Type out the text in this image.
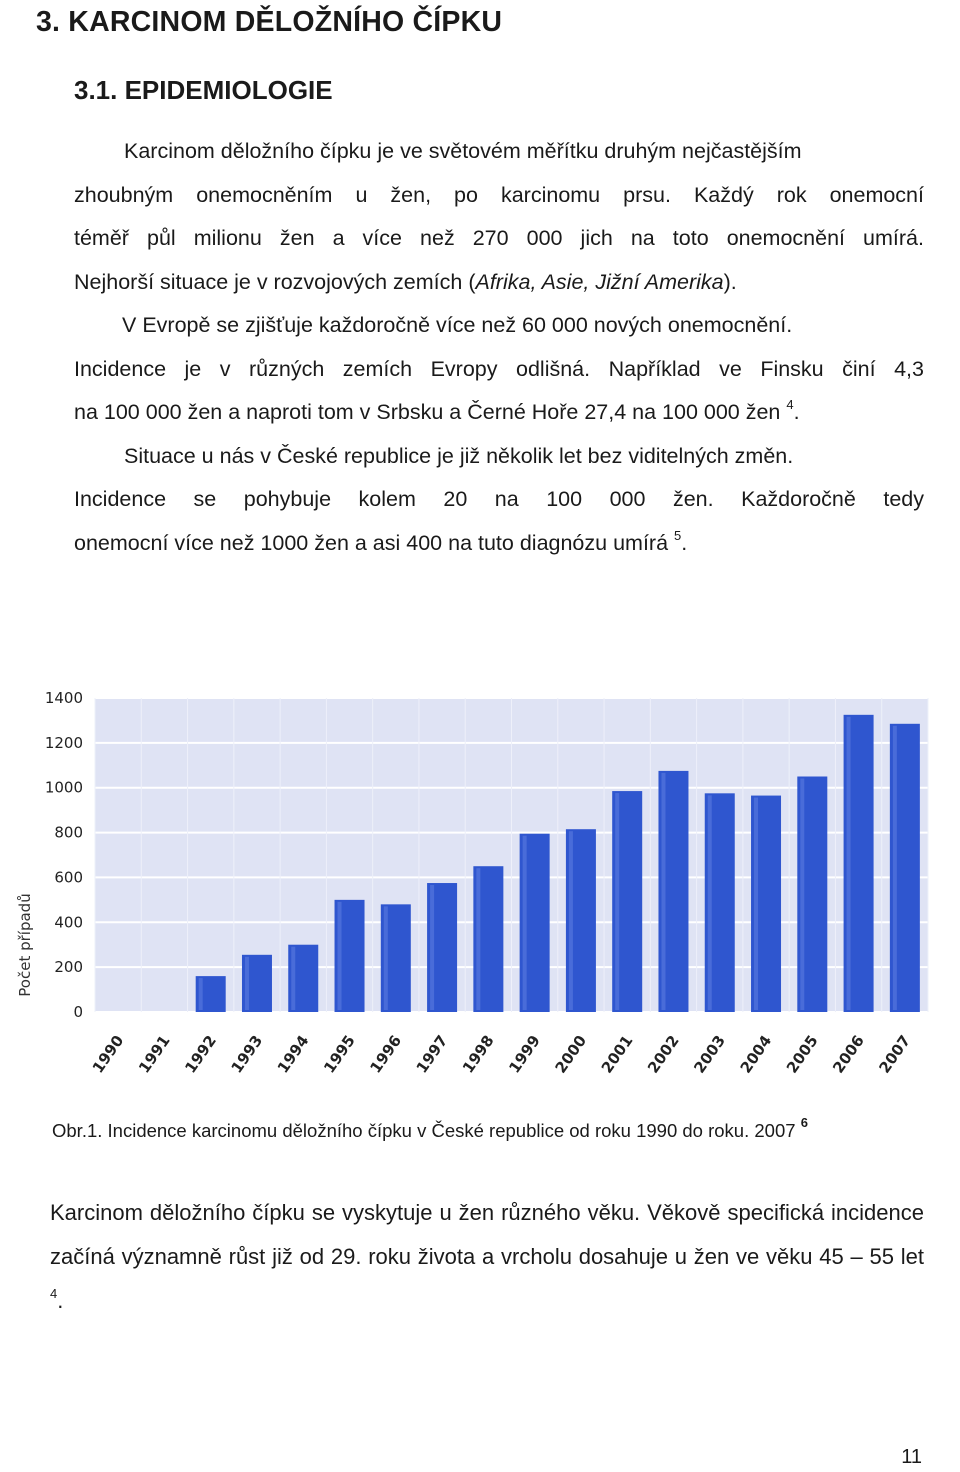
3. KARCINOM DĚLOŽNÍHO ČÍPKU
3.1. EPIDEMIOLOGIE
Karcinom děložního čípku je ve světovém měřítku druhým nejčastějším
zhoubným onemocněním u žen, po karcinomu prsu. Každý rok onemocní
téměř půl milionu žen a více než 270 000 jich na toto onemocnění umírá.
Nejhorší situace je v rozvojových zemích (Afrika, Asie, Jižní Amerika).
V Evropě se zjišťuje každoročně více než 60 000 nových onemocnění.
Incidence je v různých zemích Evropy odlišná. Například ve Finsku činí 4,3
na 100 000 žen a naproti tom v Srbsku a Černé Hoře 27,4 na 100 000 žen $^4$.
Situace u nás v České republice je již několik let bez viditelných změn.
Incidence se pohybuje kolem 20 na 100 000 žen. Každoročně tedy
onemocní více než 1000 žen a asi 400 na tuto diagnózu umírá $^5$.
0
200
400
600
800
1000
1200
1400
1990 1991 1992 1993 1994 1995 1996 1997 1998 1999 2000 2001 2002 2003 2004 2005 2006 2007
Počet případů
Obr.1. Incidence karcinomu děložního čípku v České republice od roku 1990 do roku. 2007 $^6$
Karcinom děložního čípku se vyskytuje u žen různého věku. Věkově specifická incidence začíná významně růst již od 29. roku života a vrcholu dosahuje u žen ve věku 45 – 55 let $^4$.
11
